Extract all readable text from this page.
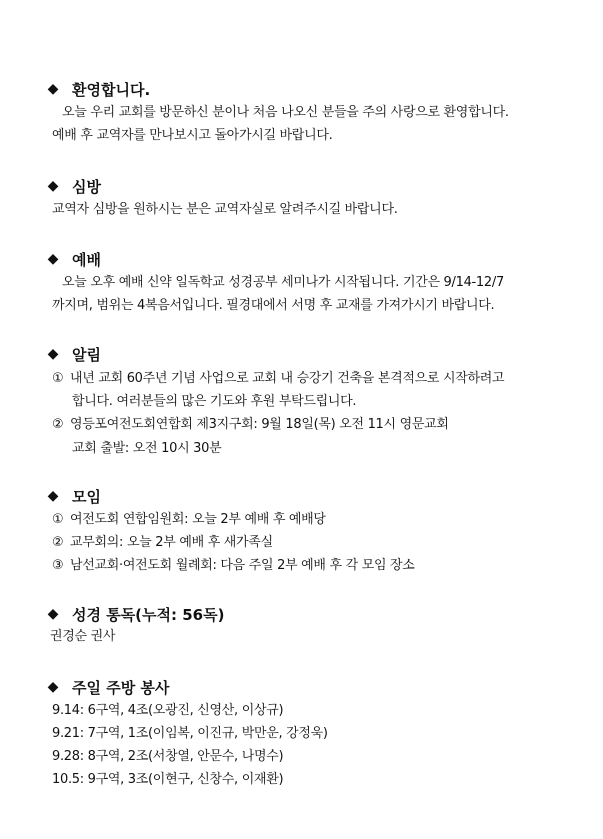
◆ 환영합니다.
오늘 우리 교회를 방문하신 분이나 처음 나오신 분들을 주의 사랑으로 환영합니다.
예배 후 교역자를 만나보시고 돌아가시길 바랍니다.
◆ 심방
교역자 심방을 원하시는 분은 교역자실로 알려주시길 바랍니다.
◆ 예배
오늘 오후 예배 신약 일독학교 성경공부 세미나가 시작됩니다. 기간은 9/14-12/7
까지며, 범위는 4복음서입니다. 필경대에서 서명 후 교재를 가져가시기 바랍니다.
◆ 알림
① 내년 교회 60주년 기념 사업으로 교회 내 승강기 건축을 본격적으로 시작하려고
합니다. 여러분들의 많은 기도와 후원 부탁드립니다.
② 영등포여전도회연합회 제3지구회: 9월 18일(목) 오전 11시 영문교회
교회 출발: 오전 10시 30분
◆ 모임
① 여전도회 연합임원회: 오늘 2부 예배 후 예배당
② 교무회의: 오늘 2부 예배 후 새가족실
③ 남선교회·여전도회 월례회: 다음 주일 2부 예배 후 각 모임 장소
◆ 성경 통독(누적: 56독)
권경순 권사
◆ 주일 주방 봉사
9.14: 6구역, 4조(오광진, 신영산, 이상규)
9.21: 7구역, 1조(이임복, 이진규, 박만운, 강정욱)
9.28: 8구역, 2조(서창열, 안문수, 나명수)
10.5: 9구역, 3조(이현구, 신창수, 이재환)
